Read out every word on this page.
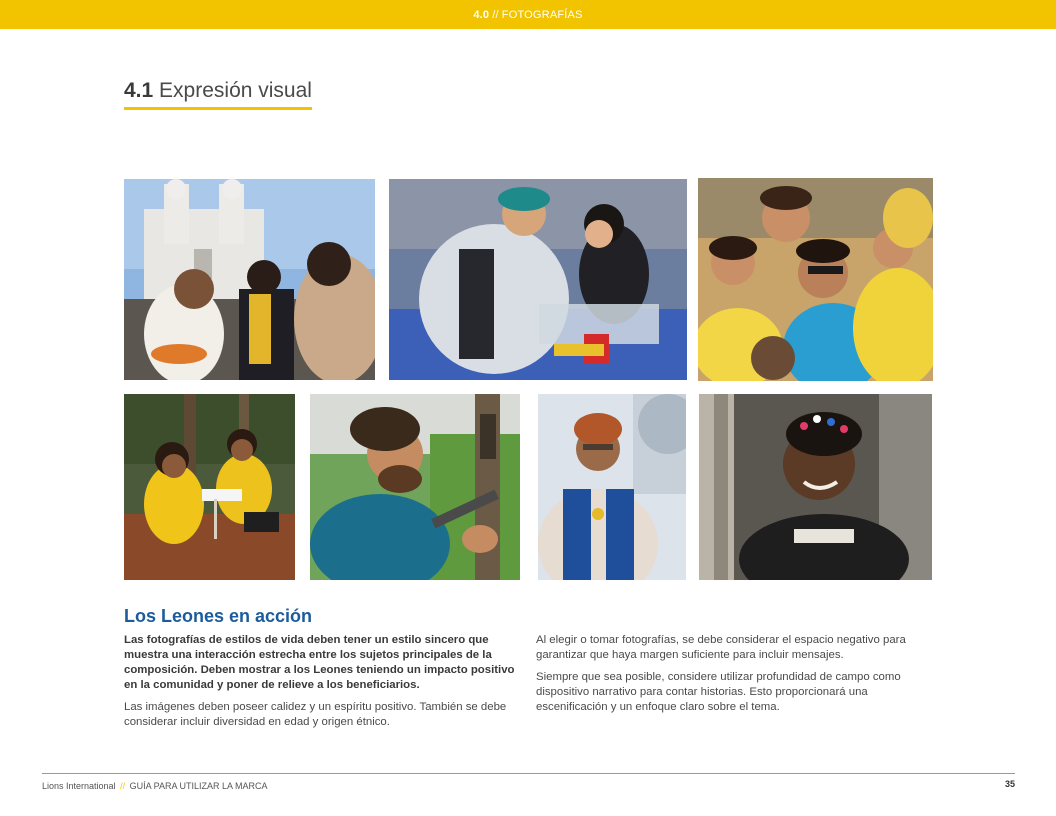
4.0 // FOTOGRAFÍAS
4.1 Expresión visual
Los Leones en acción

Las fotografías de estilos de vida deben tener un estilo sincero que muestra una interacción estrecha entre los sujetos principales de la composición. Deben mostrar a los Leones teniendo un impacto positivo en la comunidad y poner de relieve a los beneficiarios.

Las imágenes deben poseer calidez y un espíritu positivo. También se debe considerar incluir diversidad en edad y origen étnico.

Al elegir o tomar fotografías, se debe considerar el espacio negativo para garantizar que haya margen suficiente para incluir mensajes.

Siempre que sea posible, considere utilizar profundidad de campo como dispositivo narrativo para contar historias. Esto proporcionará una escenificación y un enfoque claro sobre el tema.

Lions International // GUÍA PARA UTILIZAR LA MARCA	35
